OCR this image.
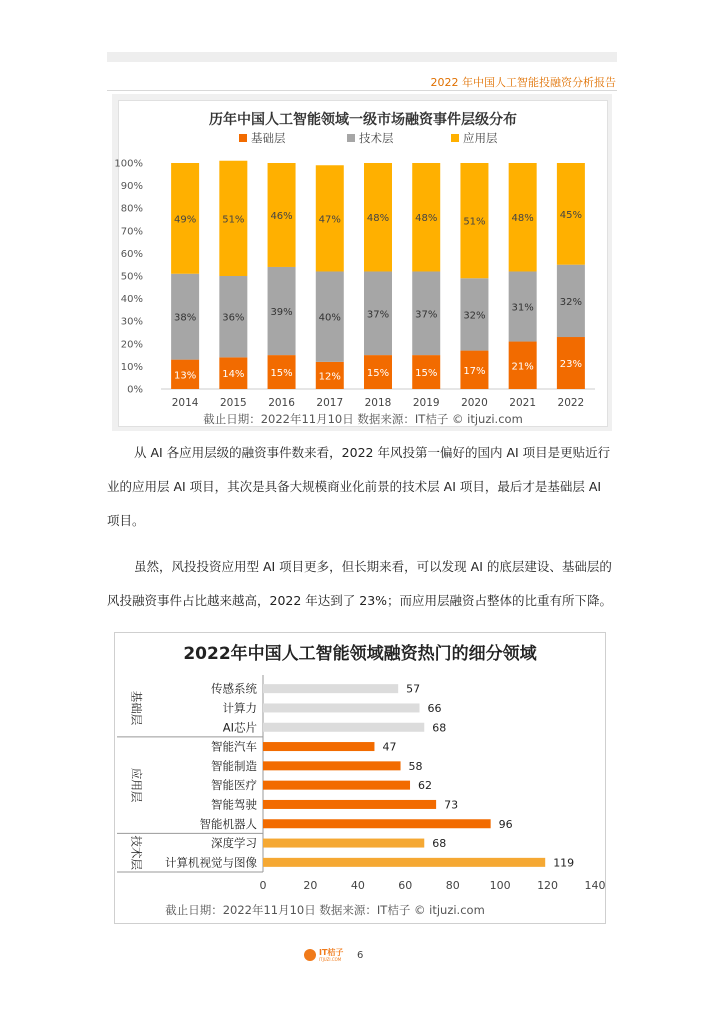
2022 年中国人工智能投融资分析报告
历年中国人工智能领域一级市场融资事件层级分布
基础层	技术层	应用层
0%
10%
20%
30%
40%
50%
60%
70%
80%
90%
100%
13%
38%
49%
2014
14%
36%
51%
2015
15%
39%
46%
2016
12%
40%
47%
2017
15%
37%
48%
2018
15%
37%
48%
2019
17%
32%
51%
2020
21%
31%
48%
2021
23%
32%
45%
2022
截止日期：2022年11月10日 数据来源：IT桔子 © itjuzi.com

从 AI 各应用层级的融资事件数来看，2022 年风投第一偏好的国内 AI 项目是更贴近行

业的应用层 AI 项目，其次是具备大规模商业化前景的技术层 AI 项目，最后才是基础层 AI

项目。

虽然，风投投资应用型 AI 项目更多，但长期来看，可以发现 AI 的底层建设、基础层的

风投融资事件占比越来越高，2022 年达到了 23%；而应用层融资占整体的比重有所下降。

2022年中国人工智能领域融资热门的细分领域
基础层
应用层
技术层
传感系统	57
计算力	66
AI芯片	68
智能汽车	47
智能制造	58
智能医疗	62
智能驾驶	73
智能机器人	96
深度学习	68
计算机视觉与图像	119
0	20	40	60	80	100 120 140
截止日期：2022年11月10日 数据来源：IT桔子 © itjuzi.com
IT桔子
ITJUZI.COM 6
